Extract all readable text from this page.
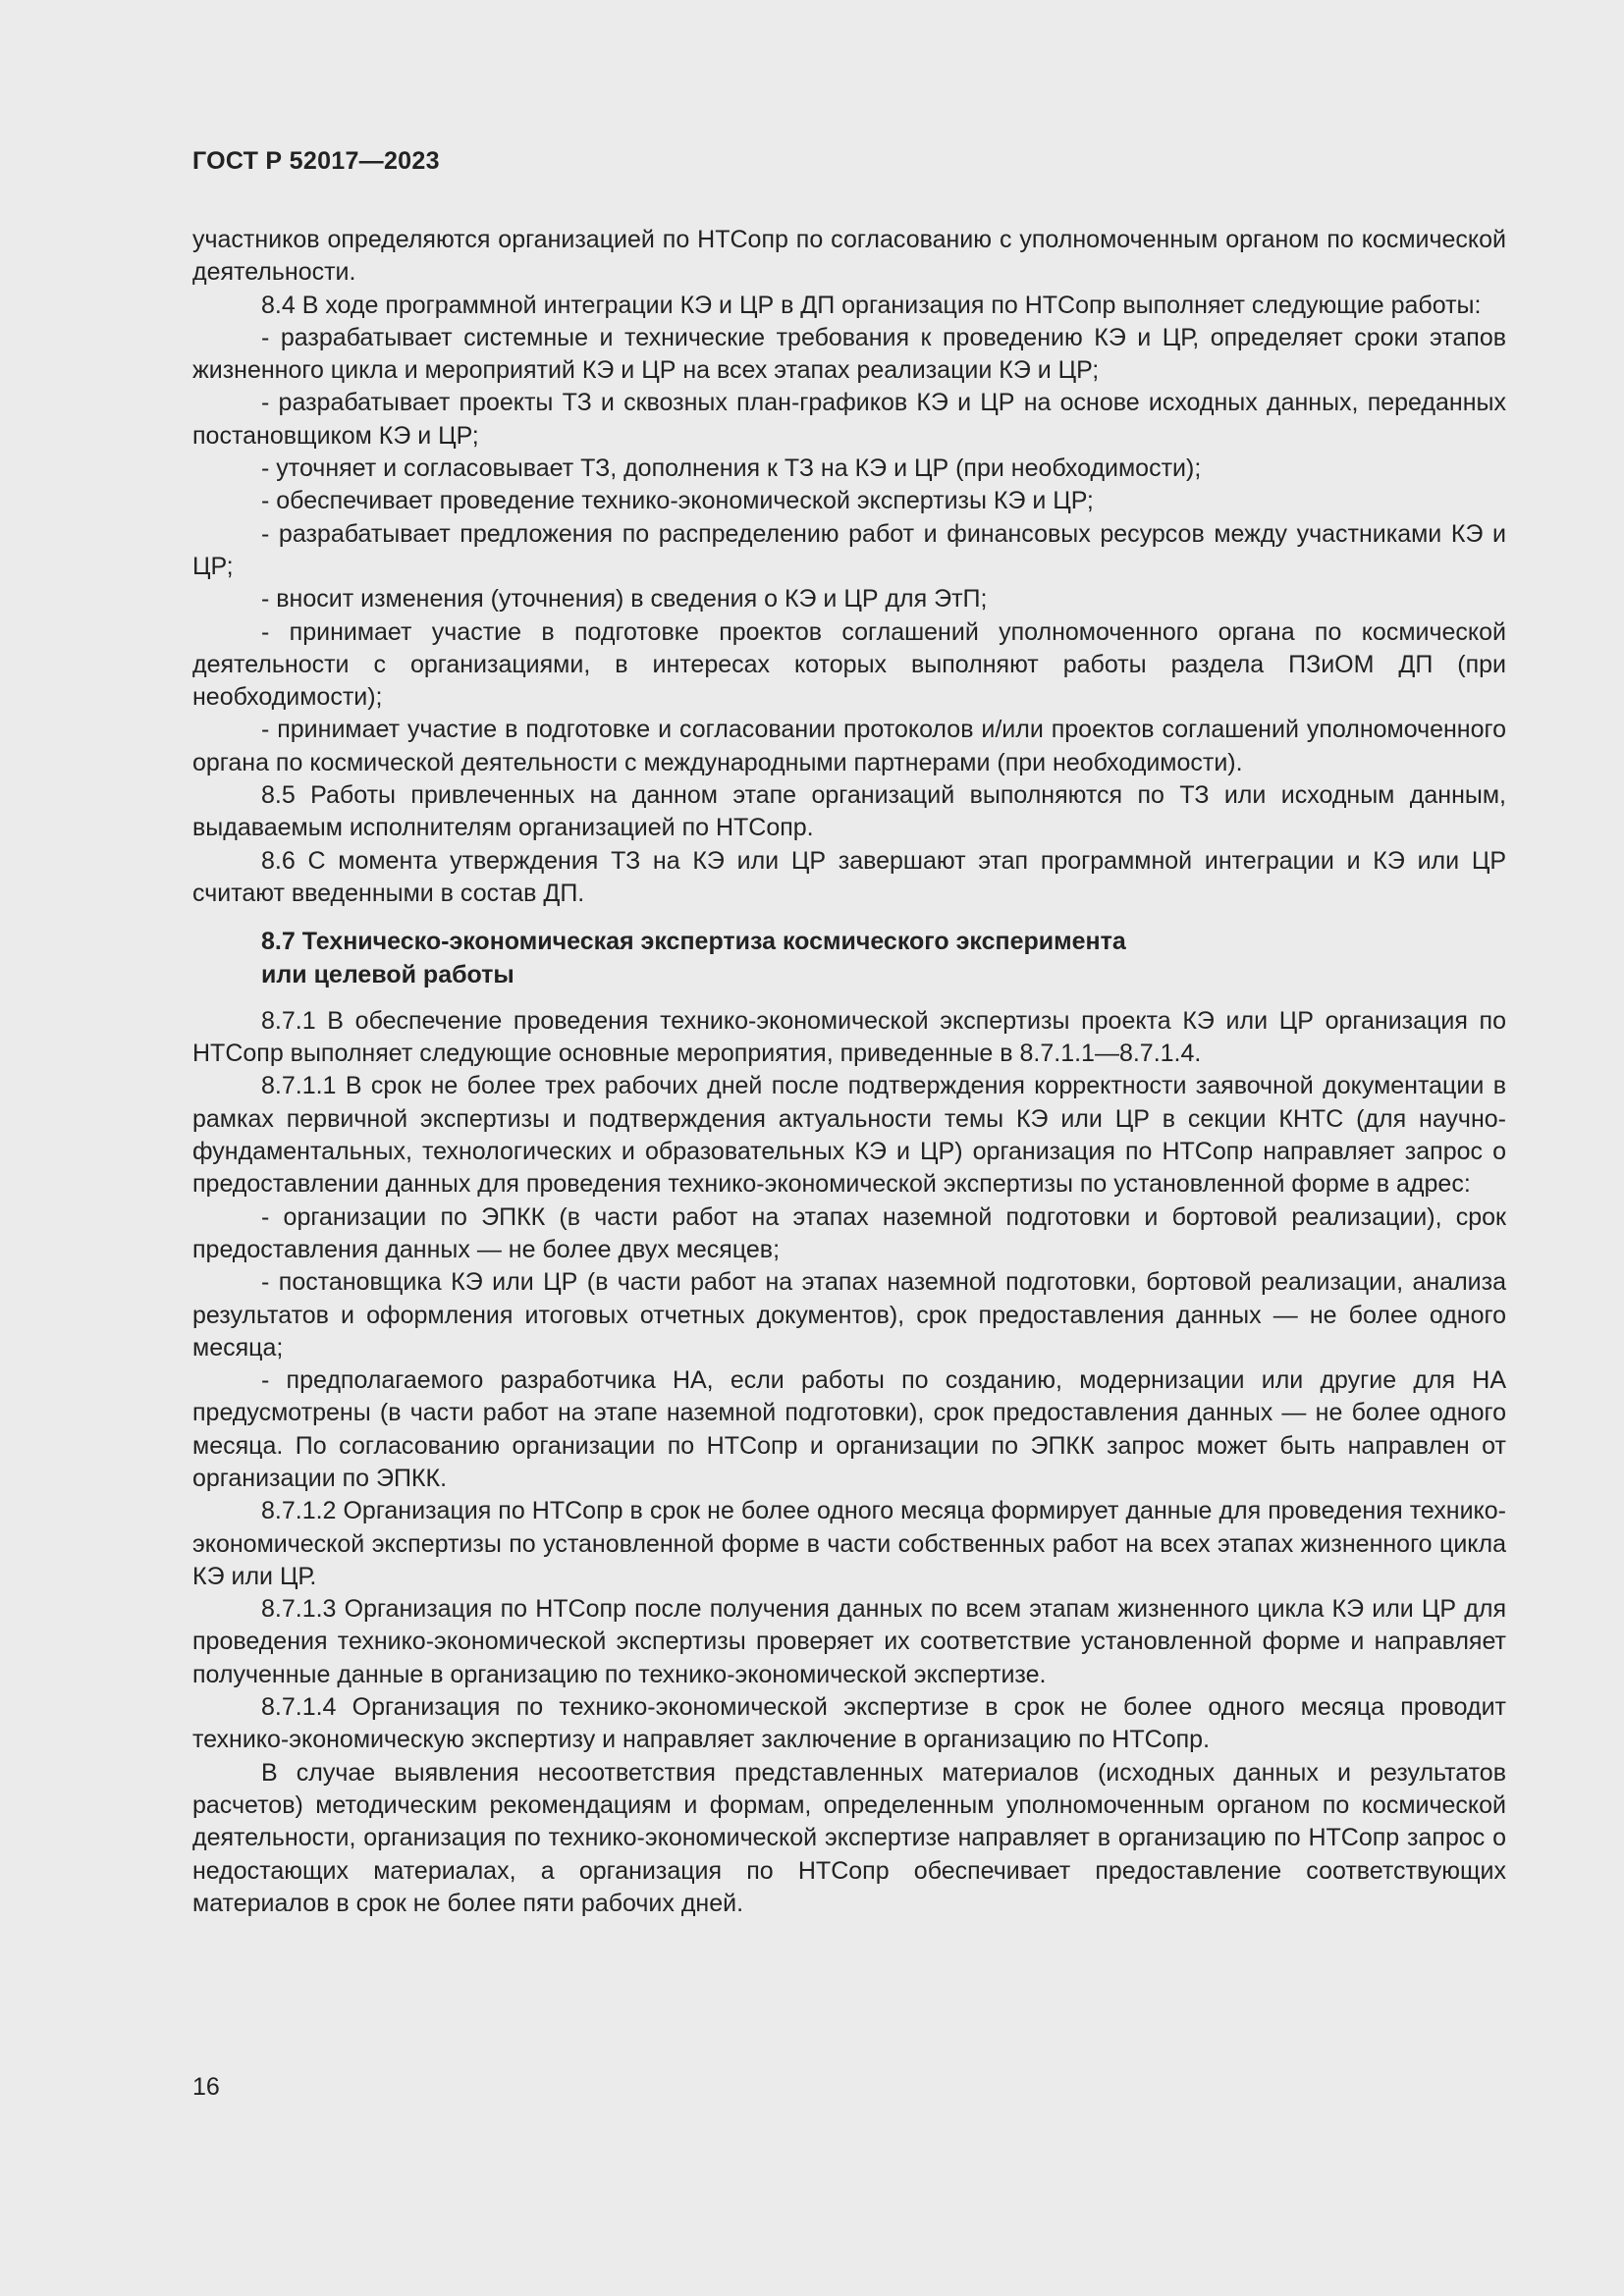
ГОСТ Р 52017—2023

участников определяются организацией по НТСопр по согласованию с уполномоченным органом по космической деятельности.

8.4 В ходе программной интеграции КЭ и ЦР в ДП организация по НТСопр выполняет следующие работы:

- разрабатывает системные и технические требования к проведению КЭ и ЦР, определяет сроки этапов жизненного цикла и мероприятий КЭ и ЦР на всех этапах реализации КЭ и ЦР;

- разрабатывает проекты ТЗ и сквозных план-графиков КЭ и ЦР на основе исходных данных, переданных постановщиком КЭ и ЦР;

- уточняет и согласовывает ТЗ, дополнения к ТЗ на КЭ и ЦР (при необходимости);

- обеспечивает проведение технико-экономической экспертизы КЭ и ЦР;

- разрабатывает предложения по распределению работ и финансовых ресурсов между участниками КЭ и ЦР;

- вносит изменения (уточнения) в сведения о КЭ и ЦР для ЭтП;

- принимает участие в подготовке проектов соглашений уполномоченного органа по космической деятельности с организациями, в интересах которых выполняют работы раздела ПЗиОМ ДП (при необходимости);

- принимает участие в подготовке и согласовании протоколов и/или проектов соглашений уполномоченного органа по космической деятельности с международными партнерами (при необходимости).

8.5 Работы привлеченных на данном этапе организаций выполняются по ТЗ или исходным данным, выдаваемым исполнителям организацией по НТСопр.

8.6 С момента утверждения ТЗ на КЭ или ЦР завершают этап программной интеграции и КЭ или ЦР считают введенными в состав ДП.

8.7 Техническо-экономическая экспертиза космического эксперимента
или целевой работы

8.7.1 В обеспечение проведения технико-экономической экспертизы проекта КЭ или ЦР организация по НТСопр выполняет следующие основные мероприятия, приведенные в 8.7.1.1—8.7.1.4.

8.7.1.1 В срок не более трех рабочих дней после подтверждения корректности заявочной документации в рамках первичной экспертизы и подтверждения актуальности темы КЭ или ЦР в секции КНТС (для научно-фундаментальных, технологических и образовательных КЭ и ЦР) организация по НТСопр направляет запрос о предоставлении данных для проведения технико-экономической экспертизы по установленной форме в адрес:

- организации по ЭПКК (в части работ на этапах наземной подготовки и бортовой реализации), срок предоставления данных — не более двух месяцев;

- постановщика КЭ или ЦР (в части работ на этапах наземной подготовки, бортовой реализации, анализа результатов и оформления итоговых отчетных документов), срок предоставления данных — не более одного месяца;

- предполагаемого разработчика НА, если работы по созданию, модернизации или другие для НА предусмотрены (в части работ на этапе наземной подготовки), срок предоставления данных — не более одного месяца. По согласованию организации по НТСопр и организации по ЭПКК запрос может быть направлен от организации по ЭПКК.

8.7.1.2 Организация по НТСопр в срок не более одного месяца формирует данные для проведения технико-экономической экспертизы по установленной форме в части собственных работ на всех этапах жизненного цикла КЭ или ЦР.

8.7.1.3 Организация по НТСопр после получения данных по всем этапам жизненного цикла КЭ или ЦР для проведения технико-экономической экспертизы проверяет их соответствие установленной форме и направляет полученные данные в организацию по технико-экономической экспертизе.

8.7.1.4 Организация по технико-экономической экспертизе в срок не более одного месяца проводит технико-экономическую экспертизу и направляет заключение в организацию по НТСопр.

В случае выявления несоответствия представленных материалов (исходных данных и результатов расчетов) методическим рекомендациям и формам, определенным уполномоченным органом по космической деятельности, организация по технико-экономической экспертизе направляет в организацию по НТСопр запрос о недостающих материалах, а организация по НТСопр обеспечивает предоставление соответствующих материалов в срок не более пяти рабочих дней.

16
